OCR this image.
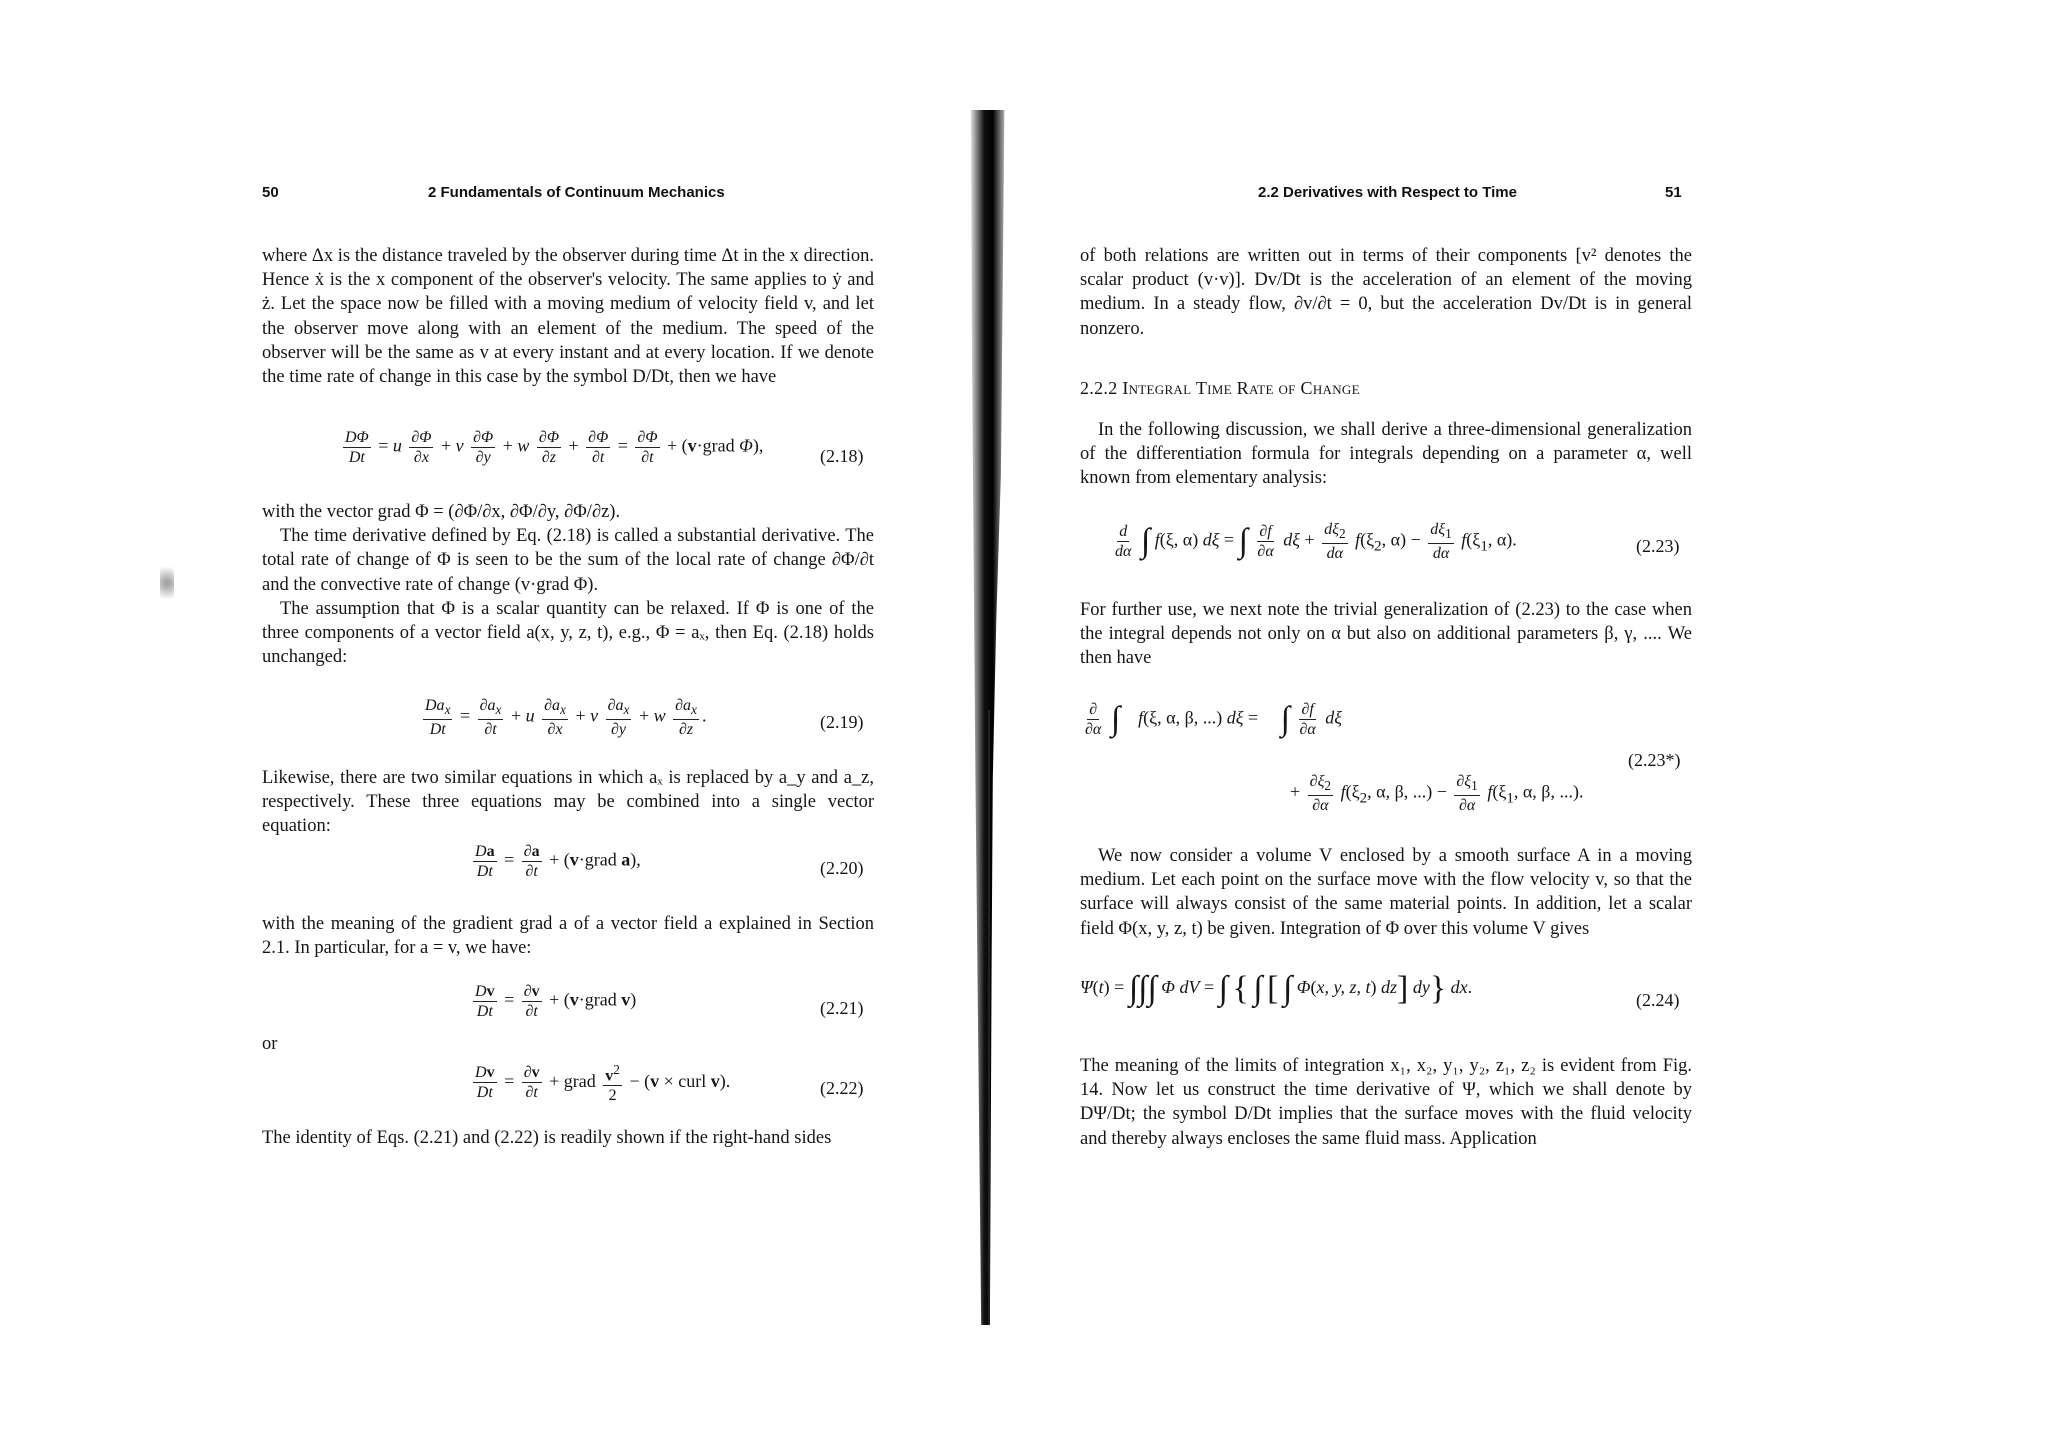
50	2 Fundamentals of Continuum Mechanics

where Δx is the distance traveled by the observer during time Δt in the x direction. Hence ẋ is the x component of the observer's velocity. The same applies to ẏ and ż. Let the space now be filled with a moving medium of velocity field v, and let the observer move along with an element of the medium. The speed of the observer will be the same as v at every instant and at every location. If we denote the time rate of change in this case by the symbol D/Dt, then we have

$\frac{D\Phi}{Dt} = u \frac{\partial\Phi}{\partial x} + v \frac{\partial\Phi}{\partial y} + w \frac{\partial\Phi}{\partial z} + \frac{\partial\Phi}{\partial t} = \frac{\partial\Phi}{\partial t}$ + (v·grad Φ),
(2.18)

with the vector grad Φ = (∂Φ/∂x, ∂Φ/∂y, ∂Φ/∂z).

The time derivative defined by Eq. (2.18) is called a substantial derivative. The total rate of change of Φ is seen to be the sum of the local rate of change ∂Φ/∂t and the convective rate of change (v·grad Φ).

The assumption that Φ is a scalar quantity can be relaxed. If Φ is one of the three components of a vector field a(x, y, z, t), e.g., Φ = aₓ, then Eq. (2.18) holds unchanged:

$\frac{Da_x}{Dt} = \frac{\partial a_x}{\partial t} + u \frac{\partial a_x}{\partial x} + v \frac{\partial a_x}{\partial y} + w \frac{\partial a_x}{\partial z}$ .	(2.19)

Likewise, there are two similar equations in which aₓ is replaced by a_y and a_z, respectively. These three equations may be combined into a single vector equation:

$\frac{Da}{Dt} = \frac{\partial a}{\partial t}$ + (v·grad a),	(2.20)

with the meaning of the gradient grad a of a vector field a explained in Section 2.1. In particular, for a = v, we have:

$\frac{Dv}{Dt} = \frac{\partial v}{\partial t}$ + (v·grad v)	(2.21)
or
$\frac{Dv}{Dt} = \frac{\partial v}{\partial t}$ + grad $\frac{v^2}{2} - (v$ × curl v).	(2.22)

The identity of Eqs. (2.21) and (2.22) is readily shown if the right-hand sides

2.2 Derivatives with Respect to Time	51

of both relations are written out in terms of their components [v² denotes the scalar product (v·v)]. Dv/Dt is the acceleration of an element of the moving medium. In a steady flow, ∂v/∂t = 0, but the acceleration Dv/Dt is in general nonzero.

2.2.2 Integral Time Rate of Change

In the following discussion, we shall derive a three-dimensional generalization of the differentiation formula for integrals depending on a parameter α, well known from elementary analysis:

$\frac{d}{d\alpha}$ ∫ f(ξ, α) dξ = ∫ $\frac{\partial f}{\partial\alpha}$ $d\xi + \frac{d\xi_2}{d\alpha} f(\xi_2$, $\alpha) - \frac{d\xi_1}{d\alpha} f(\xi_1$, α).	(2.23)

For further use, we next note the trivial generalization of (2.23) to the case when the integral depends not only on α but also on additional parameters β, γ, .... We then have

$\frac{\partial}{\partial\alpha}$ ∫ f(ξ, α, β, ...) dξ =     ∫ $\frac{\partial f}{\partial\alpha}$ dξ
+ $\frac{\partial\xi_2}{\partial\alpha} f(\xi_2$, α, β, ...) − $\frac{\partial\xi_1}{\partial\alpha} f(\xi_1$, α, β, ...).
(2.23*)

We now consider a volume V enclosed by a smooth surface A in a moving medium. Let each point on the surface move with the flow velocity v, so that the surface will always consist of the same material points. In addition, let a scalar field Φ(x, y, z, t) be given. Integration of Φ over this volume V gives

Ψ(t) = ∫∫∫ Φ dV = ∫ { ∫ [ ∫ Φ(x, y, z, t) dz] dy} dx.
(2.24)

The meaning of the limits of integration x₁, x₂, y₁, y₂, z₁, z₂ is evident from Fig. 14. Now let us construct the time derivative of Ψ, which we shall denote by DΨ/Dt; the symbol D/Dt implies that the surface moves with the fluid velocity and thereby always encloses the same fluid mass. Application
